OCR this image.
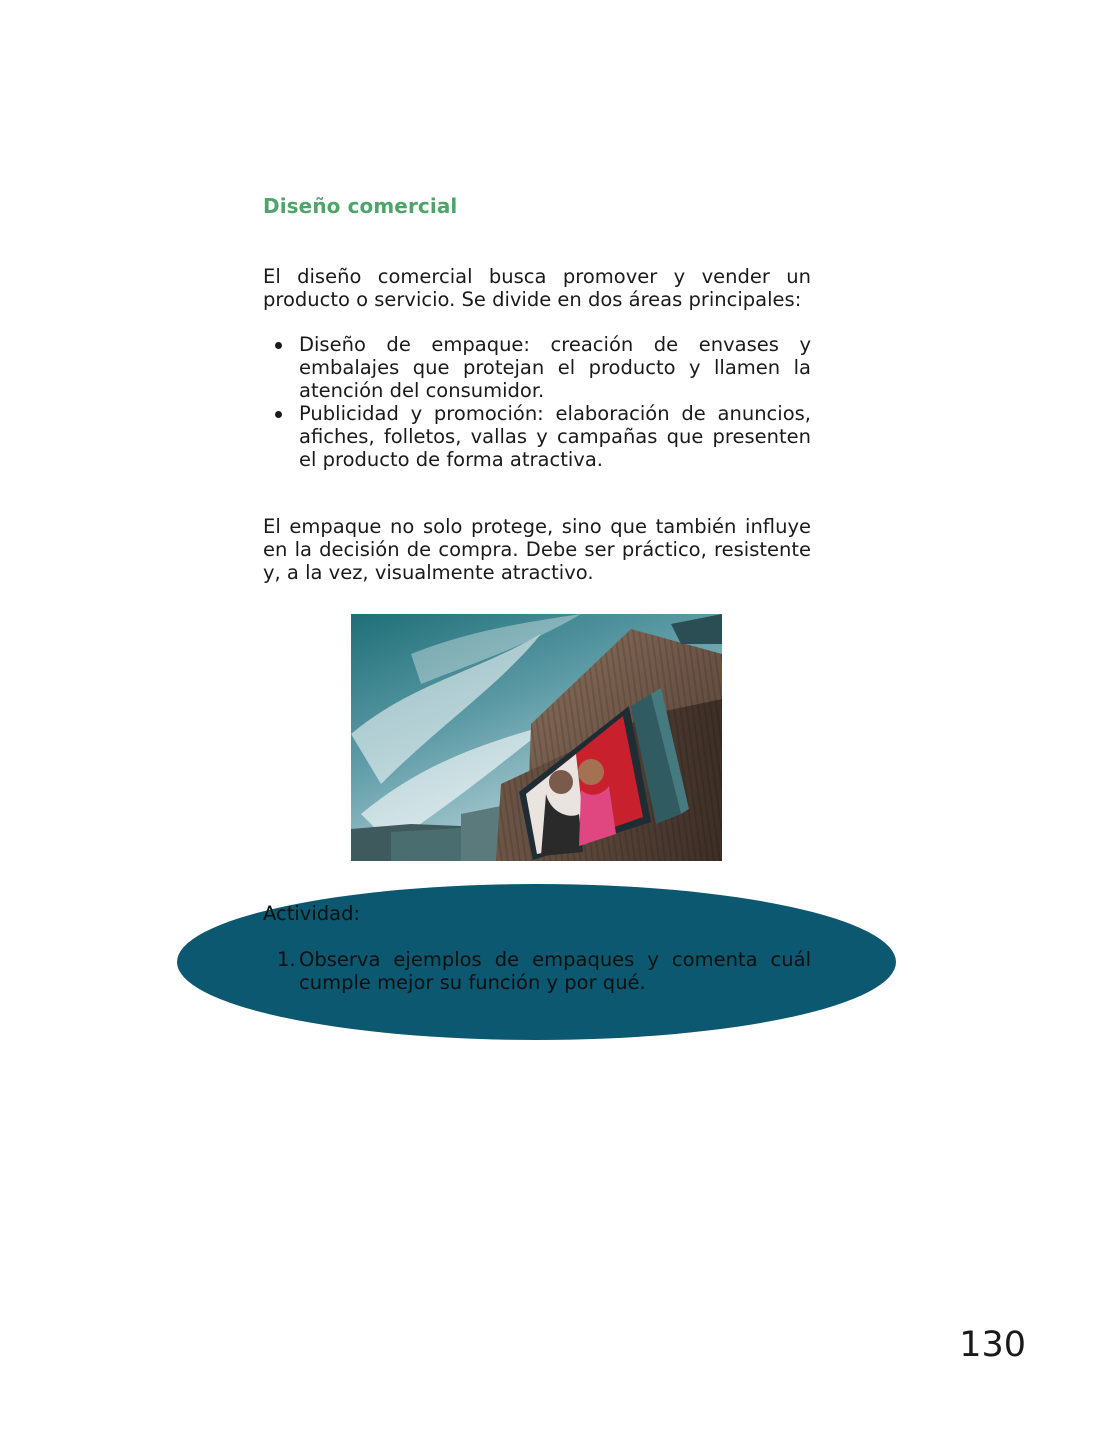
Diseño comercial

El diseño comercial busca promover y vender un producto o servicio. Se divide en dos áreas principales:

Diseño de empaque: creación de envases y embalajes que protejan el producto y llamen la atención del consumidor.
Publicidad y promoción: elaboración de anuncios, afiches, folletos, vallas y campañas que presenten el producto de forma atractiva.

El empaque no solo protege, sino que también influye en la decisión de compra. Debe ser práctico, resistente y, a la vez, visualmente atractivo.

Actividad:

1. Observa ejemplos de empaques y comenta cuál cumple mejor su función y por qué.

130
